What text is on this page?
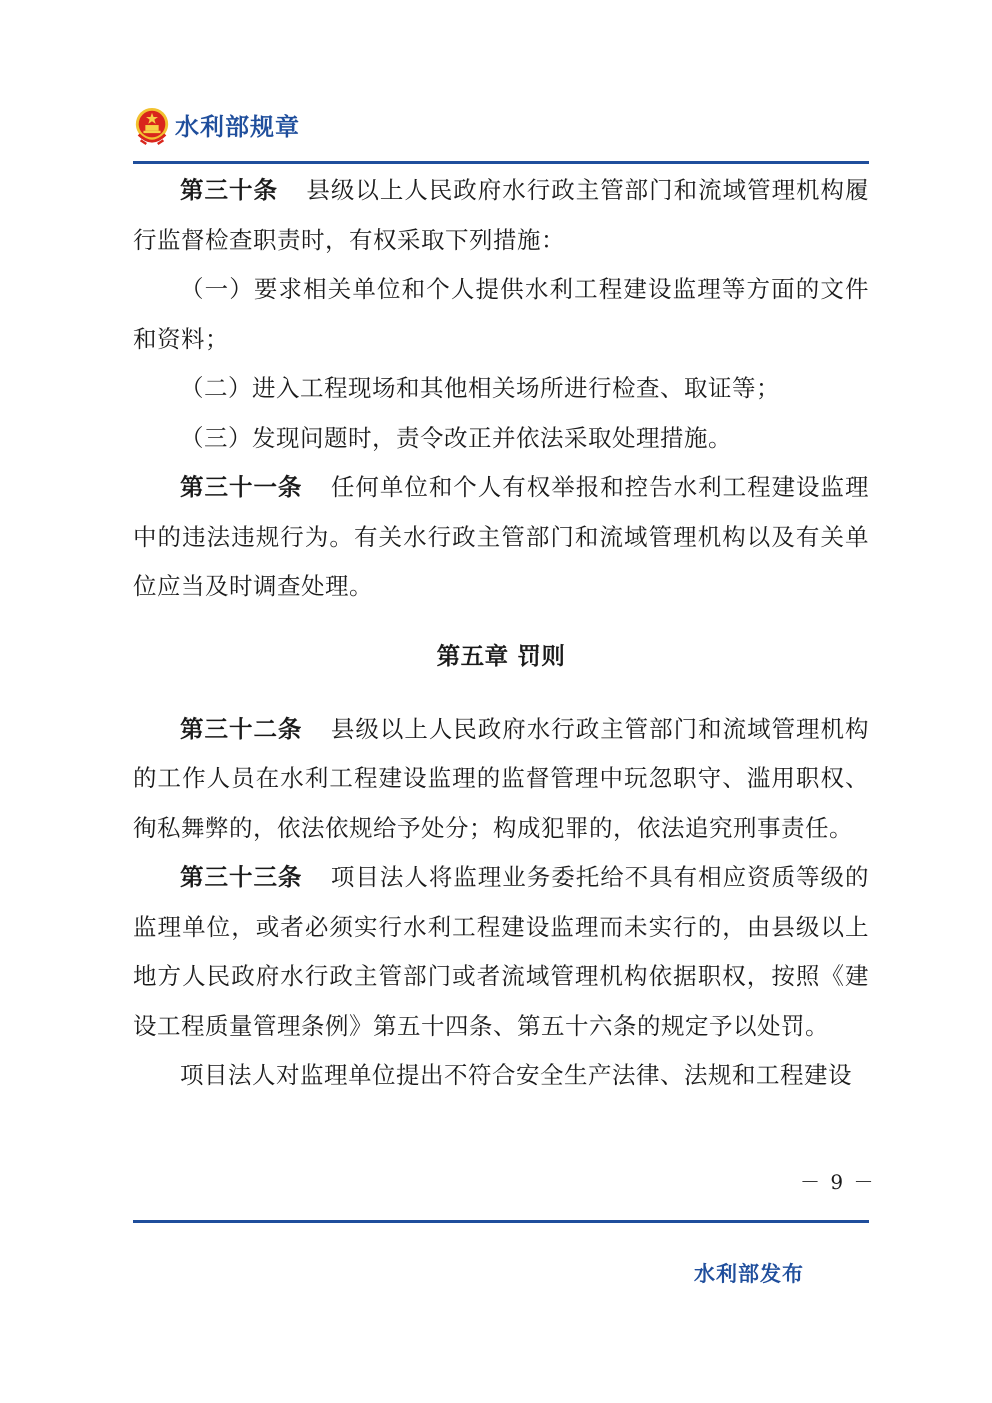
水利部规章

第三十条 县级以上人民政府水行政主管部门和流域管理机构履行监督检查职责时，有权采取下列措施：

（一）要求相关单位和个人提供水利工程建设监理等方面的文件和资料；

（二）进入工程现场和其他相关场所进行检查、取证等；

（三）发现问题时，责令改正并依法采取处理措施。

第三十一条 任何单位和个人有权举报和控告水利工程建设监理中的违法违规行为。有关水行政主管部门和流域管理机构以及有关单位应当及时调查处理。

第五章 罚则

第三十二条 县级以上人民政府水行政主管部门和流域管理机构的工作人员在水利工程建设监理的监督管理中玩忽职守、滥用职权、徇私舞弊的，依法依规给予处分；构成犯罪的，依法追究刑事责任。

第三十三条 项目法人将监理业务委托给不具有相应资质等级的监理单位，或者必须实行水利工程建设监理而未实行的，由县级以上地方人民政府水行政主管部门或者流域管理机构依据职权，按照《建设工程质量管理条例》第五十四条、第五十六条的规定予以处罚。

项目法人对监理单位提出不符合安全生产法律、法规和工程建设

－ 9 －
水利部发布
